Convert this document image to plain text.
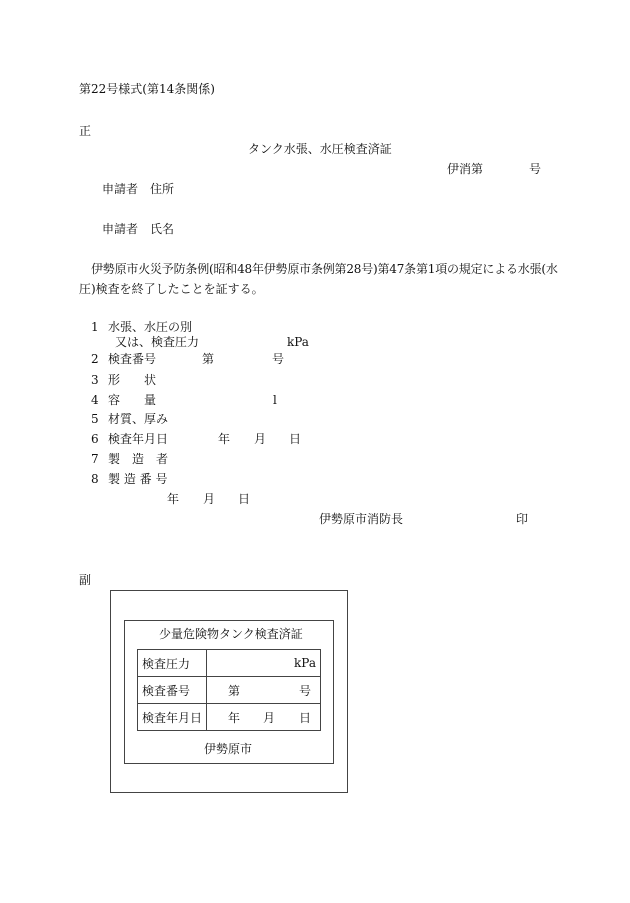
第22号様式(第14条関係)
正
タンク水張、水圧検査済証
伊消第	号
申請者　住所
申請者　氏名
伊勢原市火災予防条例(昭和48年伊勢原市条例第28号)第47条第1項の規定による水張(水
圧)検査を終了したことを証する。
1 水張、水圧の別
又は、検査圧力	kPa
2 検査番号	第	号
3 形　　状
4 容　　量	l
5 材質、厚み
6 検査年月日	年 月 日
7 製　造　者
8 製 造 番 号
年 月 日
伊勢原市消防長	印
副
少量危険物タンク検査済証
検査圧力	kPa
検査番号	第 号

検査年月日	年 月 日
伊勢原市
